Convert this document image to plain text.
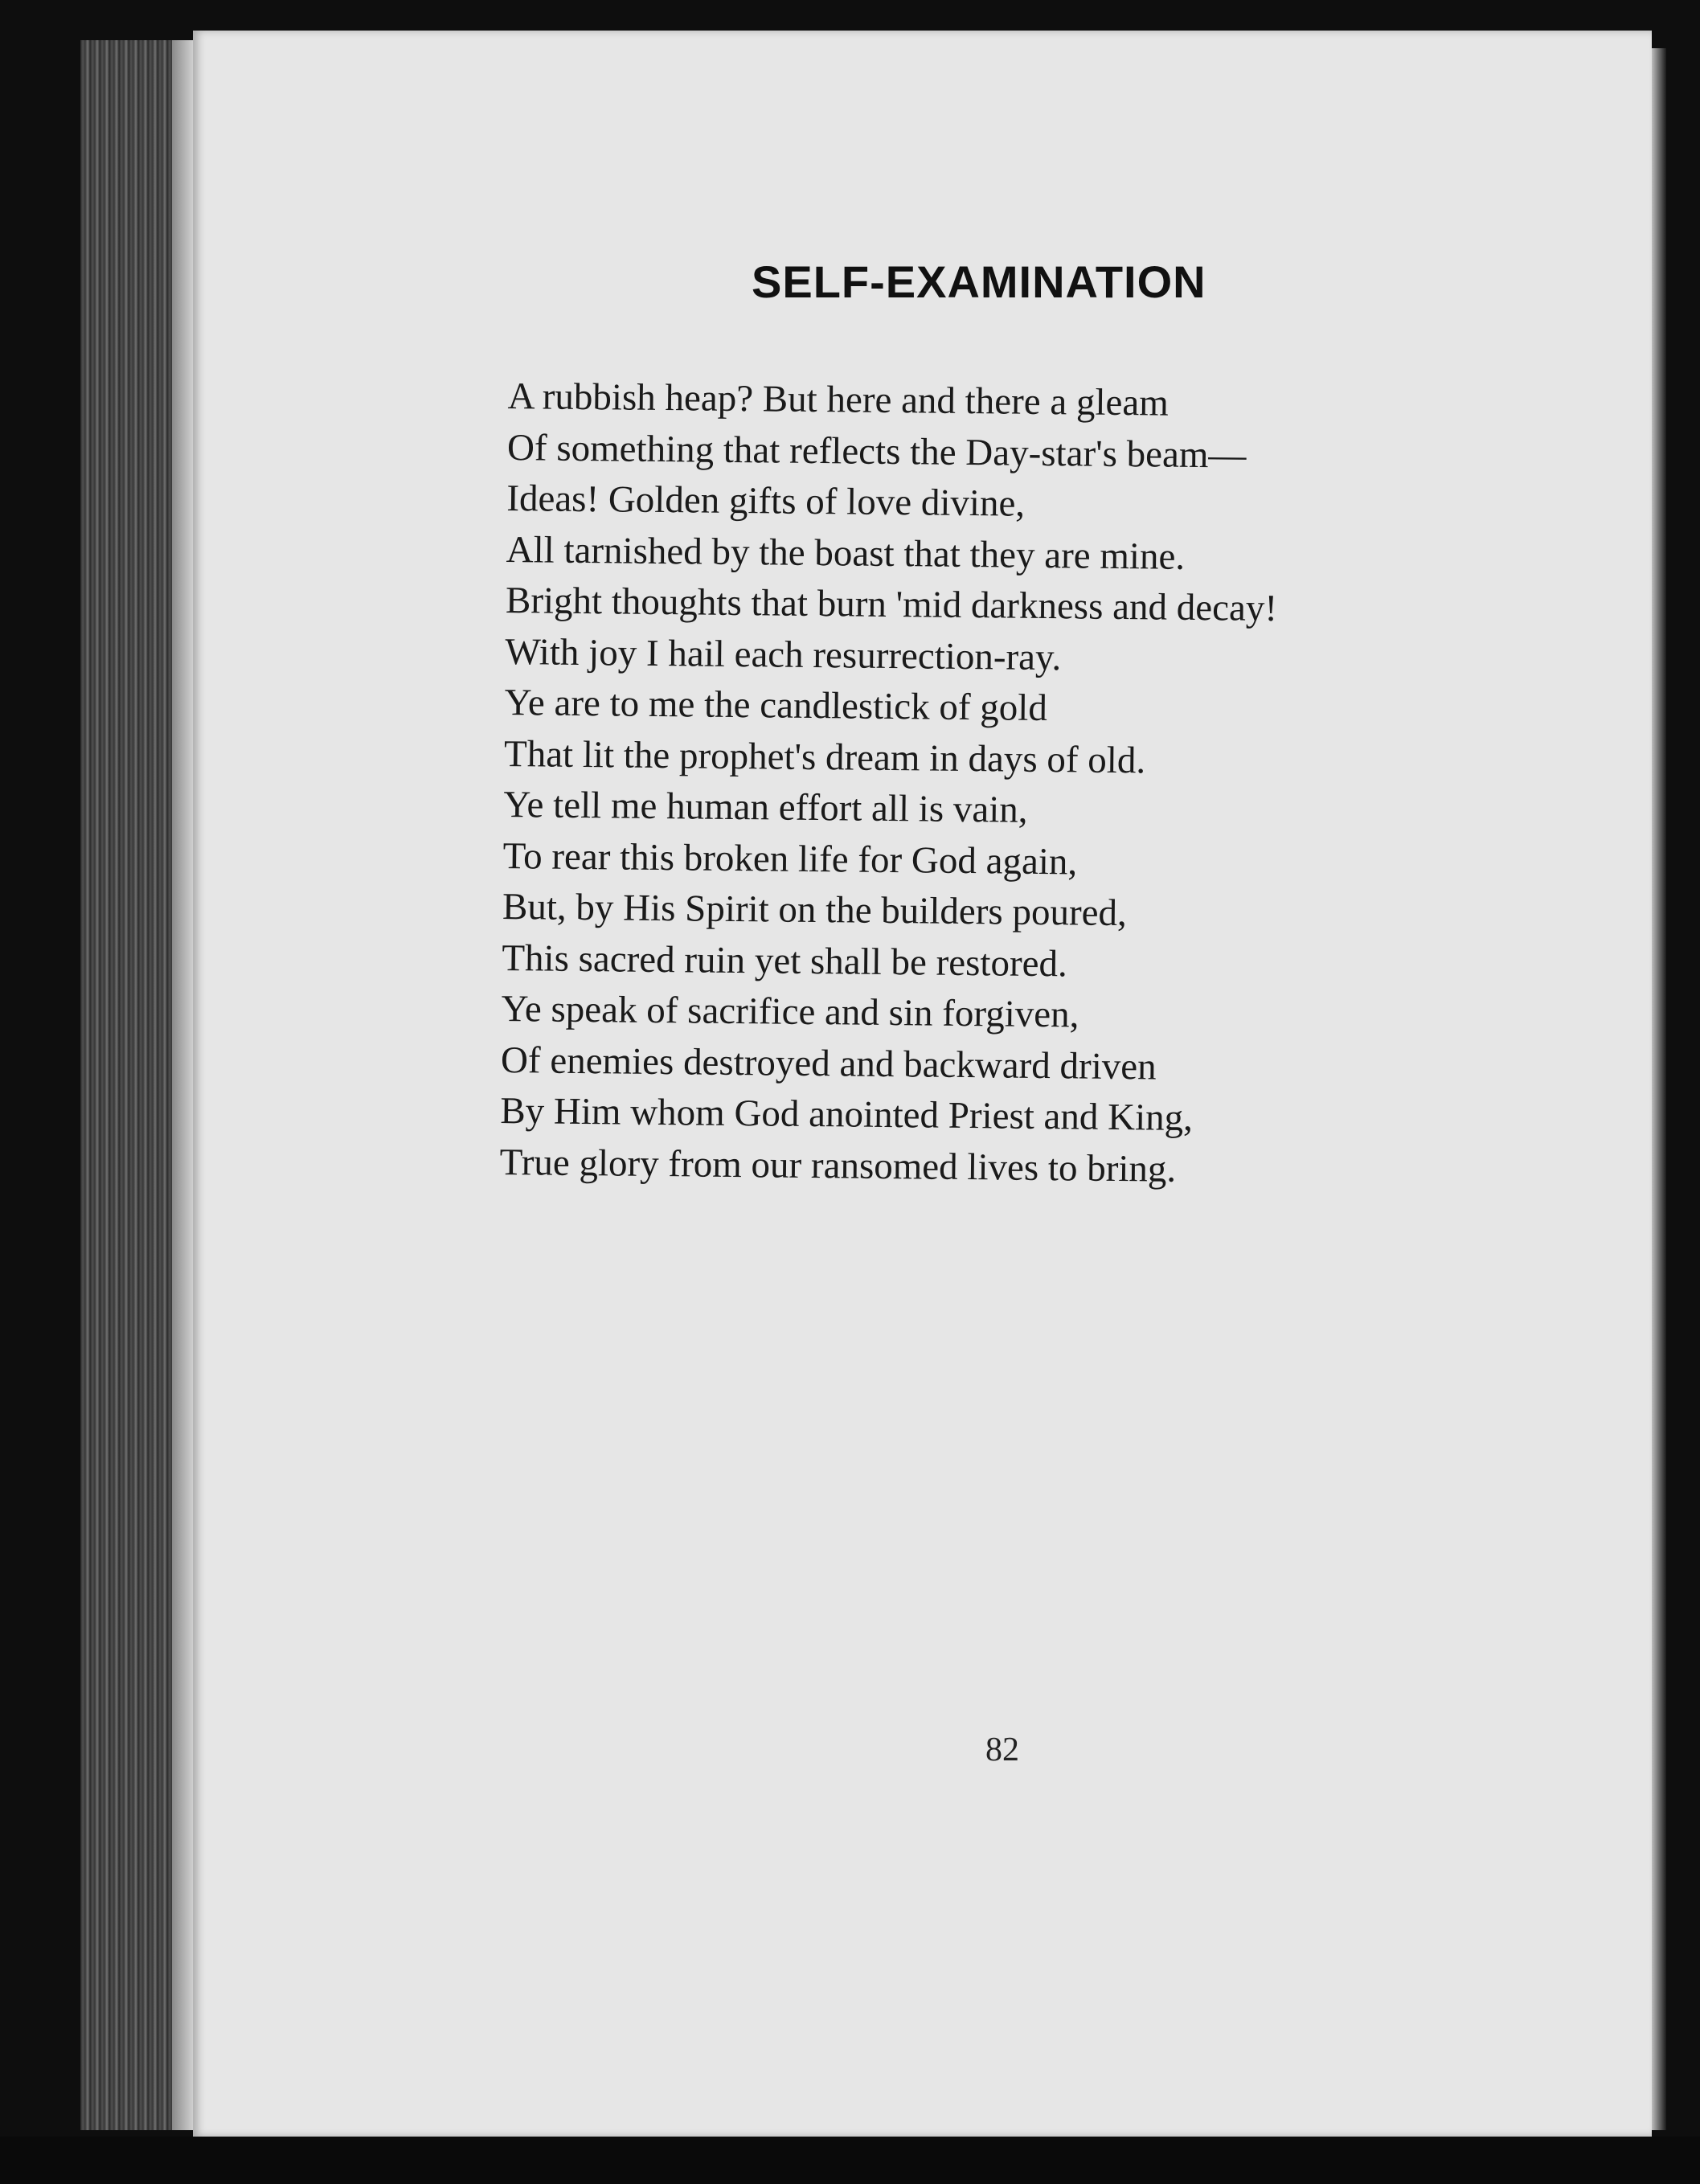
SELF-EXAMINATION
A rubbish heap? But here and there a gleam
Of something that reflects the Day-star's beam—
Ideas! Golden gifts of love divine,
All tarnished by the boast that they are mine.
Bright thoughts that burn 'mid darkness and decay!
With joy I hail each resurrection-ray.
Ye are to me the candlestick of gold
That lit the prophet's dream in days of old.
Ye tell me human effort all is vain,
To rear this broken life for God again,
But, by His Spirit on the builders poured,
This sacred ruin yet shall be restored.
Ye speak of sacrifice and sin forgiven,
Of enemies destroyed and backward driven
By Him whom God anointed Priest and King,
True glory from our ransomed lives to bring.
82
